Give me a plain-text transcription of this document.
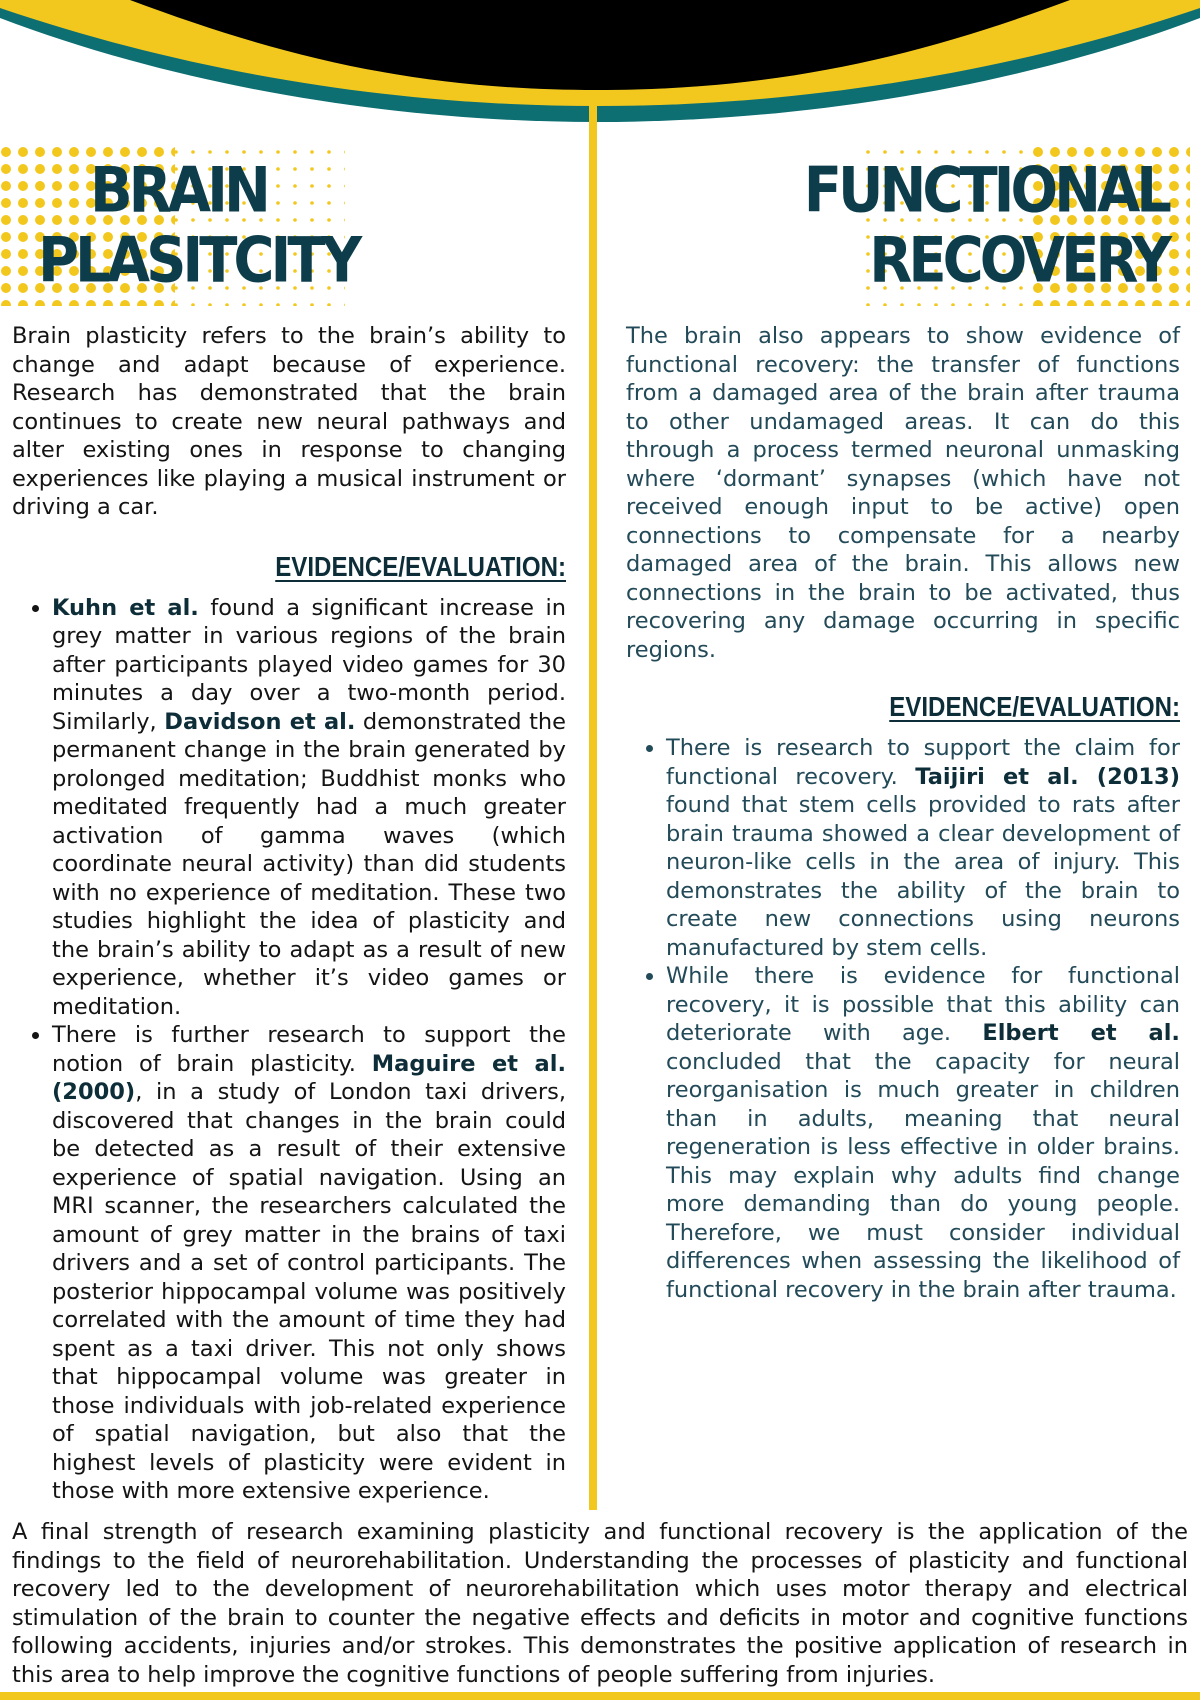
BRAIN
PLASITCITY
FUNCTIONAL
RECOVERY

Brain plasticity refers to the brain’s ability to change and adapt because of experience. Research has demonstrated that the brain continues to create new neural pathways and alter existing ones in response to changing experiences like playing a musical instrument or driving a car.

EVIDENCE/EVALUATION:
• Kuhn et al. found a significant increase in grey matter in various regions of the brain after participants played video games for 30 minutes a day over a two-month period. Similarly, Davidson et al. demonstrated the permanent change in the brain generated by prolonged meditation; Buddhist monks who meditated frequently had a much greater activation of gamma waves (which coordinate neural activity) than did students with no experience of meditation. These two studies highlight the idea of plasticity and the brain’s ability to adapt as a result of new experience, whether it’s video games or meditation.
• There is further research to support the notion of brain plasticity. Maguire et al. (2000), in a study of London taxi drivers, discovered that changes in the brain could be detected as a result of their extensive experience of spatial navigation. Using an MRI scanner, the researchers calculated the amount of grey matter in the brains of taxi drivers and a set of control participants. The posterior hippocampal volume was positively correlated with the amount of time they had spent as a taxi driver. This not only shows that hippocampal volume was greater in those individuals with job-related experience of spatial navigation, but also that the highest levels of plasticity were evident in those with more extensive experience.

The brain also appears to show evidence of functional recovery: the transfer of functions from a damaged area of the brain after trauma to other undamaged areas. It can do this through a process termed neuronal unmasking where ‘dormant’ synapses (which have not received enough input to be active) open connections to compensate for a nearby damaged area of the brain. This allows new connections in the brain to be activated, thus recovering any damage occurring in specific regions.

EVIDENCE/EVALUATION:
• There is research to support the claim for functional recovery. Taijiri et al. (2013) found that stem cells provided to rats after brain trauma showed a clear development of neuron-like cells in the area of injury. This demonstrates the ability of the brain to create new connections using neurons manufactured by stem cells.
• While there is evidence for functional recovery, it is possible that this ability can deteriorate with age. Elbert et al. concluded that the capacity for neural reorganisation is much greater in children than in adults, meaning that neural regeneration is less effective in older brains. This may explain why adults find change more demanding than do young people. Therefore, we must consider individual differences when assessing the likelihood of functional recovery in the brain after trauma.

A final strength of research examining plasticity and functional recovery is the application of the findings to the field of neurorehabilitation. Understanding the processes of plasticity and functional recovery led to the development of neurorehabilitation which uses motor therapy and electrical stimulation of the brain to counter the negative effects and deficits in motor and cognitive functions following accidents, injuries and/or strokes. This demonstrates the positive application of research in this area to help improve the cognitive functions of people suffering from injuries.
